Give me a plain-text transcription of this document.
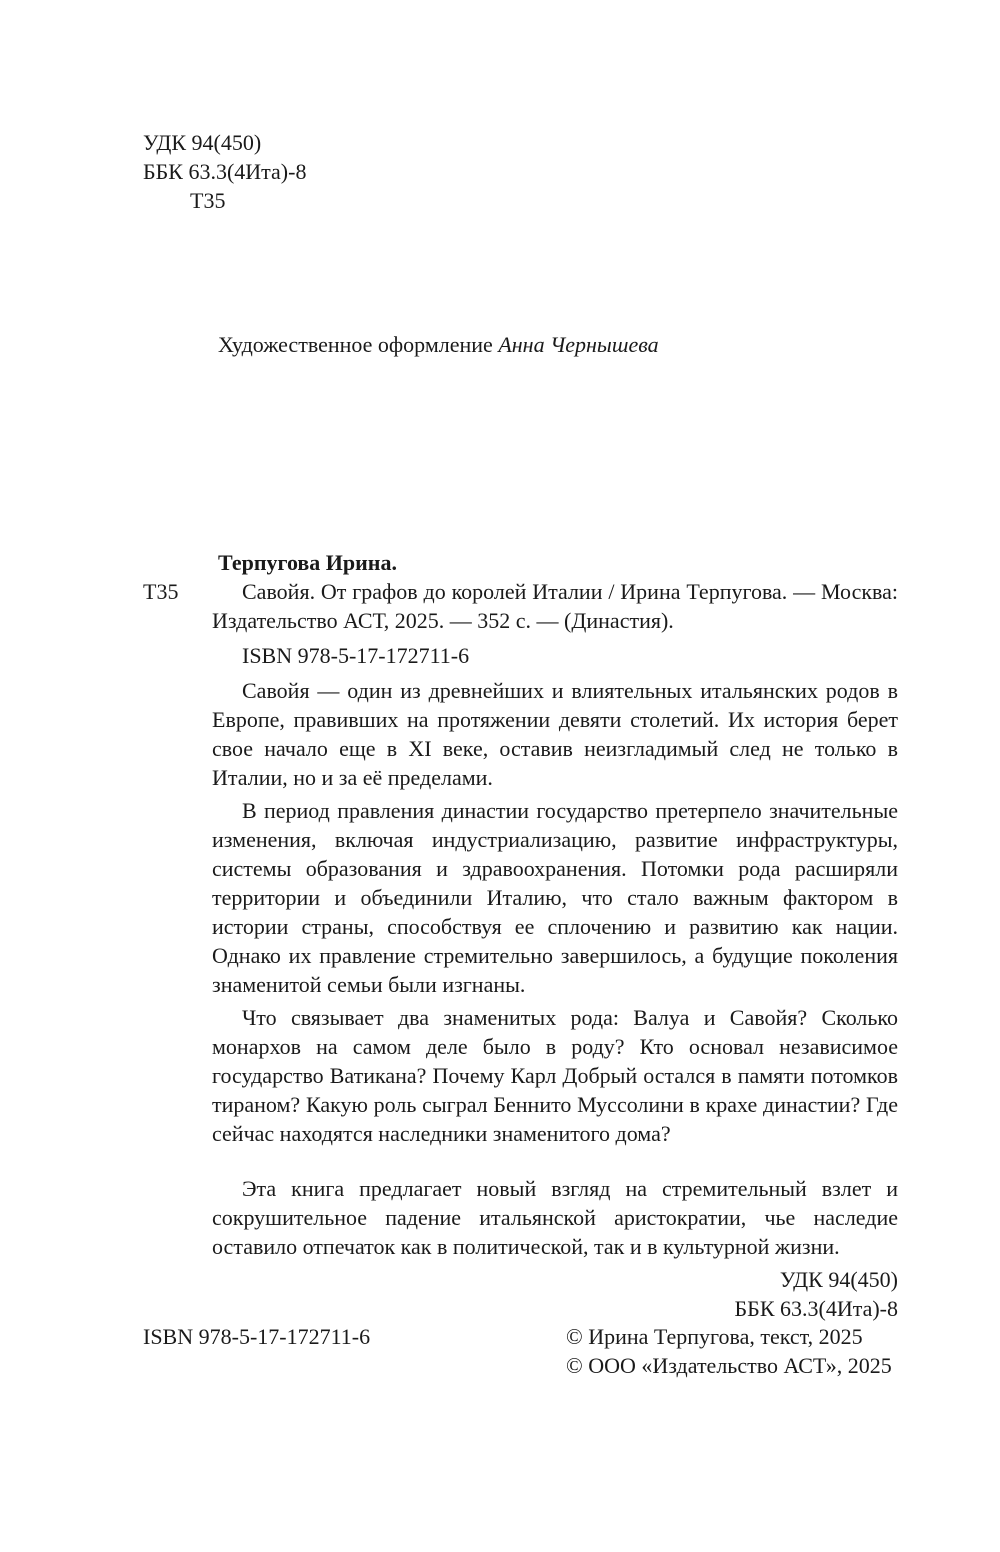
УДК 94(450)
ББК 63.3(4Ита)-8
Т35
Художественное оформление Анна Чернышева
Т35
Терпугова Ирина.

Савойя. От графов до королей Италии / Ирина Терпугова. — Москва: Издательство АСТ, 2025. — 352 с. — (Династия).

ISBN 978-5-17-172711-6

Савойя — один из древнейших и влиятельных итальянских родов в Европе, правивших на протяжении девяти столетий. Их история берет свое начало еще в XI веке, оставив неизгладимый след не только в Италии, но и за её пределами.

В период правления династии государство претерпело значительные изменения, включая индустриализацию, развитие инфраструктуры, системы образования и здравоохранения. Потомки рода расширяли территории и объединили Италию, что стало важным фактором в истории страны, способствуя ее сплочению и развитию как нации. Однако их правление стремительно завершилось, а будущие поколения знаменитой семьи были изгнаны.

Что связывает два знаменитых рода: Валуа и Савойя? Сколько монархов на самом деле было в роду? Кто основал независимое государство Ватикана? Почему Карл Добрый остался в памяти потомков тираном? Какую роль сыграл Беннито Муссолини в крахе династии? Где сейчас находятся наследники знаменитого дома?

Эта книга предлагает новый взгляд на стремительный взлет и сокрушительное падение итальянской аристократии, чье наследие оставило отпечаток как в политической, так и в культурной жизни.

УДК 94(450)
ББК 63.3(4Ита)-8
ISBN 978-5-17-172711-6	© Ирина Терпугова, текст, 2025
© ООО «Издательство АСТ», 2025
